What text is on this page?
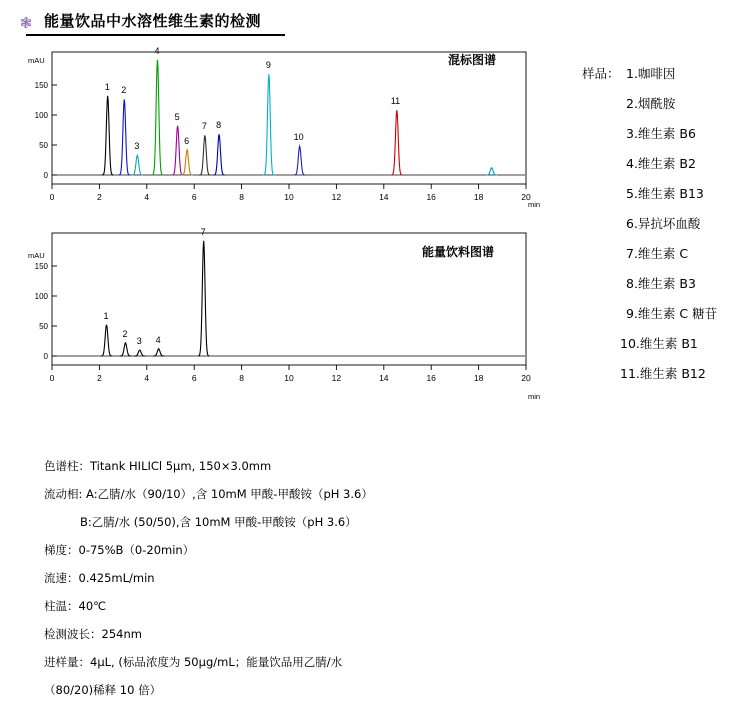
❃ 能量饮品中水溶性维生素的检测
0
50
100
150
0	2	4	6	8	10	12	14	16	18	20
混标图谱
mAU
min
0
50
100
150
0	2	4	6	8	10	12	14	16	18	20
能量饮料图谱
mAU
min
样品： 1.咖啡因
2.烟酰胺
3.维生素 B6
4.维生素 B2
5.维生素 B13
6.异抗坏血酸
7.维生素 C
8.维生素 B3
9.维生素 C 糖苷
10.维生素 B1
11.维生素 B12
色谱柱：Titank HILICl 5µm, 150×3.0mm
流动相: A:乙腈/水（90/10）,含 10mM 甲酸-甲酸铵（pH 3.6）
B:乙腈/水 (50/50),含 10mM 甲酸-甲酸铵（pH 3.6）
梯度：0-75%B（0-20min）
流速：0.425mL/min
柱温：40℃
检测波长：254nm
进样量：4µL, (标品浓度为 50µg/mL；能量饮品用乙腈/水
（80/20)稀释 10 倍）
1 2
3
4
5
6
7 8
9
10
11
1
2
3 4
7
